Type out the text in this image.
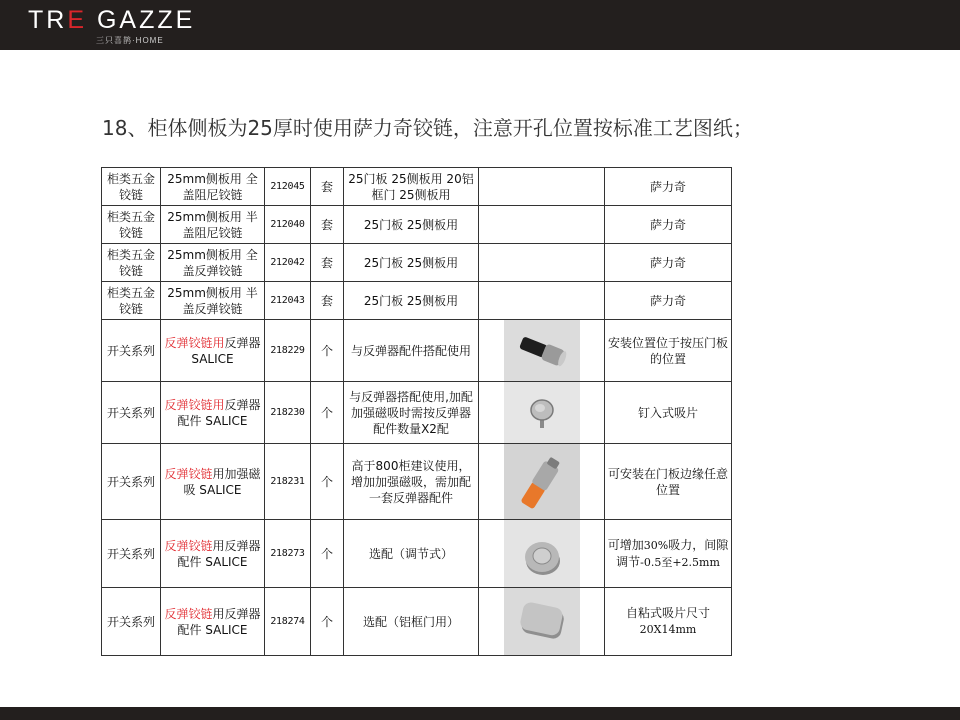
TRE GAZZE
三只喜鹊·HOME
18、柜体侧板为25厚时使用萨力奇铰链，注意开孔位置按标准工艺图纸；
柜类五金铰链	25mm侧板用 全盖阻尼铰链	212045	套	25门板 25侧板用 20铝框门 25侧板用		萨力奇
柜类五金铰链	25mm侧板用 半盖阻尼铰链	212040	套	25门板 25侧板用		萨力奇
柜类五金铰链	25mm侧板用 全盖反弹铰链	212042	套	25门板 25侧板用		萨力奇
柜类五金铰链	25mm侧板用 半盖反弹铰链	212043	套	25门板 25侧板用		萨力奇
开关系列	反弹铰链用反弹器 SALICE	218229	个	与反弹器配件搭配使用		安装位置位于按压门板的位置
开关系列	反弹铰链用反弹器配件 SALICE	218230	个	与反弹器搭配使用,加配加强磁吸时需按反弹器配件数量X2配		钉入式吸片
开关系列	反弹铰链用加强磁吸 SALICE	218231	个	高于800柜建议使用，增加加强磁吸，需加配一套反弹器配件		可安装在门板边缘任意位置
开关系列	反弹铰链用反弹器配件 SALICE	218273	个	选配（调节式）		可增加30%吸力，间隙调节-0.5至+2.5mm
开关系列	反弹铰链用反弹器配件 SALICE	218274	个	选配（铝框门用）		自粘式吸片尺寸
20X14mm
